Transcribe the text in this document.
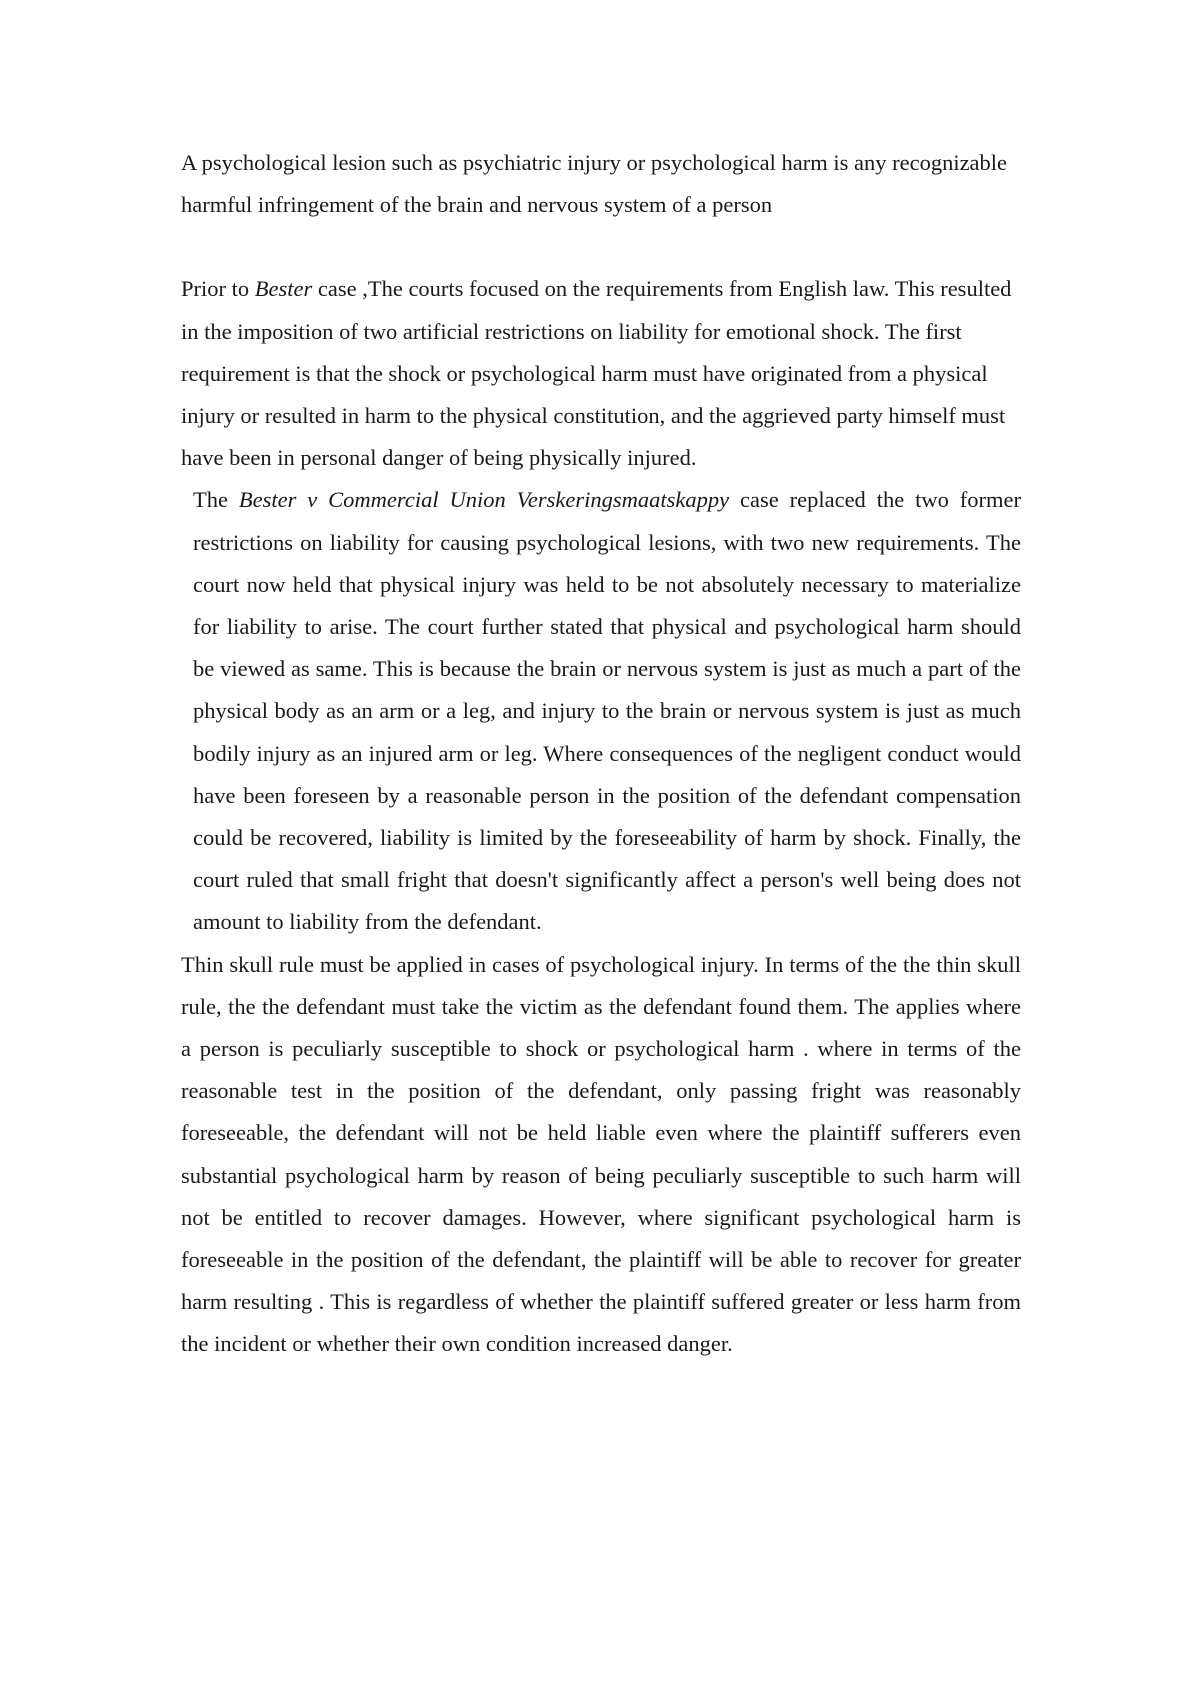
A psychological lesion such as psychiatric injury or psychological harm is any recognizable harmful infringement of the brain and nervous system of a person

Prior to Bester case ,The courts focused on the requirements from English law. This resulted in the imposition of two artificial restrictions on liability for emotional shock. The first requirement is that the shock or psychological harm must have originated from a physical injury or resulted in harm to the physical constitution, and the aggrieved party himself must have been in personal danger of being physically injured.

The Bester v Commercial Union Verskeringsmaatskappy case replaced the two former restrictions on liability for causing psychological lesions, with two new requirements. The court now held that physical injury was held to be not absolutely necessary to materialize for liability to arise. The court further stated that physical and psychological harm should be viewed as same. This is because the brain or nervous system is just as much a part of the physical body as an arm or a leg, and injury to the brain or nervous system is just as much bodily injury as an injured arm or leg. Where consequences of the negligent conduct would have been foreseen by a reasonable person in the position of the defendant compensation could be recovered, liability is limited by the foreseeability of harm by shock. Finally, the court ruled that small fright that doesn't significantly affect a person's well being does not amount to liability from the defendant.

Thin skull rule must be applied in cases of psychological injury. In terms of the the thin skull rule, the the defendant must take the victim as the defendant found them. The applies where a person is peculiarly susceptible to shock or psychological harm . where in terms of the reasonable test in the position of the defendant, only passing fright was reasonably foreseeable, the defendant will not be held liable even where the plaintiff sufferers even substantial psychological harm by reason of being peculiarly susceptible to such harm will not be entitled to recover damages. However, where significant psychological harm is foreseeable in the position of the defendant, the plaintiff will be able to recover for greater harm resulting . This is regardless of whether the plaintiff suffered greater or less harm from the incident or whether their own condition increased danger.
